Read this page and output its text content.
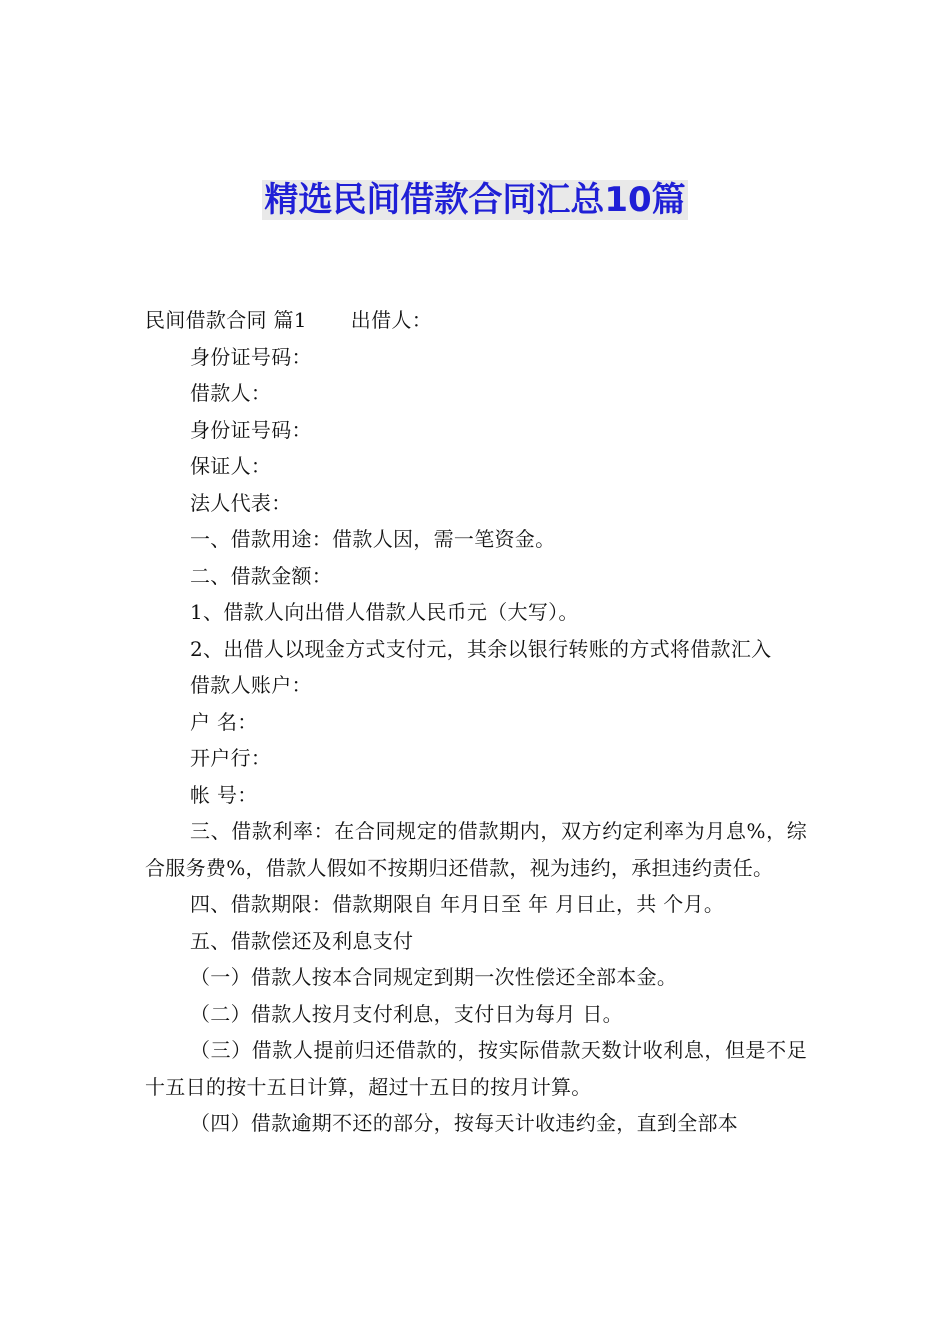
精选民间借款合同汇总10篇

民间借款合同 篇1 出借人：

身份证号码：

借款人：

身份证号码：

保证人：

法人代表：

一、借款用途：借款人因，需一笔资金。

二、借款金额：

1、借款人向出借人借款人民币元（大写）。

2、出借人以现金方式支付元，其余以银行转账的方式将借款汇入

借款人账户：

户 名：

开户行：

帐 号：

三、借款利率：在合同规定的借款期内，双方约定利率为月息%，综合服务费%，借款人假如不按期归还借款，视为违约，承担违约责任。

四、借款期限：借款期限自 年月日至 年 月日止，共 个月。

五、借款偿还及利息支付

（一）借款人按本合同规定到期一次性偿还全部本金。

（二）借款人按月支付利息，支付日为每月 日。

（三）借款人提前归还借款的，按实际借款天数计收利息，但是不足十五日的按十五日计算，超过十五日的按月计算。

（四）借款逾期不还的部分，按每天计收违约金，直到全部本
